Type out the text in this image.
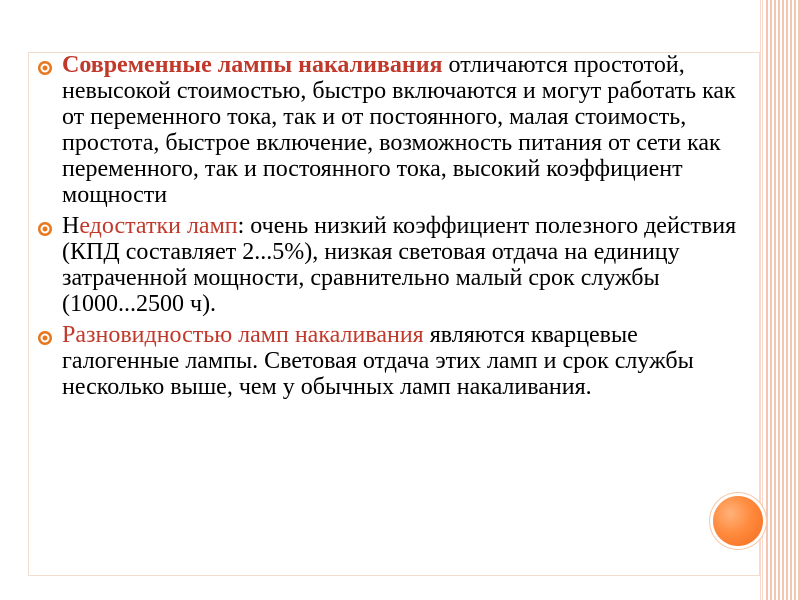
Современные лампы накаливания отличаются простотой, невысокой стоимостью, быстро включаются и могут работать как от переменного тока, так и от постоянного, малая стоимость, простота, быстрое включение, возможность питания от сети как переменного, так и постоянного тока, высокий коэффициент мощности
Недостатки ламп: очень низкий коэффициент полезного действия (КПД составляет 2...5%), низкая световая отдача на единицу затраченной мощности, сравнительно малый срок службы (1000...2500 ч).
Разновидностью ламп накаливания являются кварцевые галогенные лампы. Световая отдача этих ламп и срок службы несколько выше, чем у обычных ламп накаливания.
